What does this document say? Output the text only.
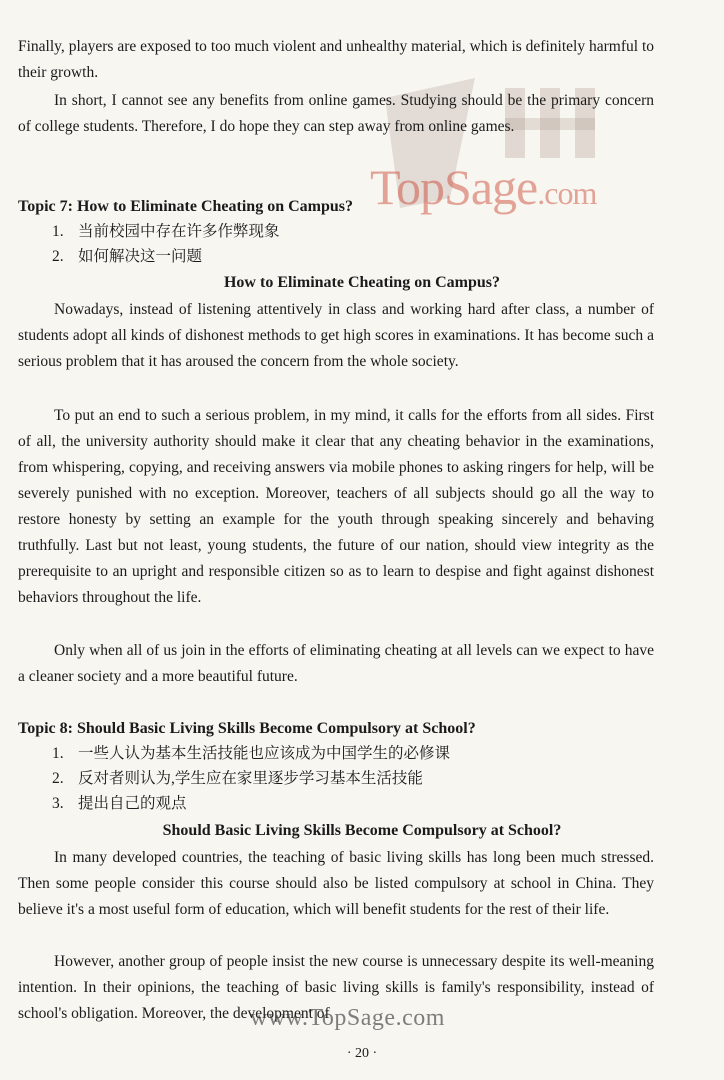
TopSage.com

Finally, players are exposed to too much violent and unhealthy material, which is definitely harmful to their growth.

In short, I cannot see any benefits from online games. Studying should be the primary concern of college students. Therefore, I do hope they can step away from online games.

Topic 7: How to Eliminate Cheating on Campus?

1. 当前校园中存在许多作弊现象
2. 如何解决这一问题

How to Eliminate Cheating on Campus?

Nowadays, instead of listening attentively in class and working hard after class, a number of students adopt all kinds of dishonest methods to get high scores in examinations. It has become such a serious problem that it has aroused the concern from the whole society.

To put an end to such a serious problem, in my mind, it calls for the efforts from all sides. First of all, the university authority should make it clear that any cheating behavior in the examinations, from whispering, copying, and receiving answers via mobile phones to asking ringers for help, will be severely punished with no exception. Moreover, teachers of all subjects should go all the way to restore honesty by setting an example for the youth through speaking sincerely and behaving truthfully. Last but not least, young students, the future of our nation, should view integrity as the prerequisite to an upright and responsible citizen so as to learn to despise and fight against dishonest behaviors throughout the life.

Only when all of us join in the efforts of eliminating cheating at all levels can we expect to have a cleaner society and a more beautiful future.

Topic 8: Should Basic Living Skills Become Compulsory at School?

1. 一些人认为基本生活技能也应该成为中国学生的必修课
2. 反对者则认为,学生应在家里逐步学习基本生活技能
3. 提出自己的观点

Should Basic Living Skills Become Compulsory at School?

In many developed countries, the teaching of basic living skills has long been much stressed. Then some people consider this course should also be listed compulsory at school in China. They believe it's a most useful form of education, which will benefit students for the rest of their life.

However, another group of people insist the new course is unnecessary despite its well-meaning intention. In their opinions, the teaching of basic living skills is family's responsibility, instead of school's obligation. Moreover, the development of

www.TopSage.com
· 20 ·
